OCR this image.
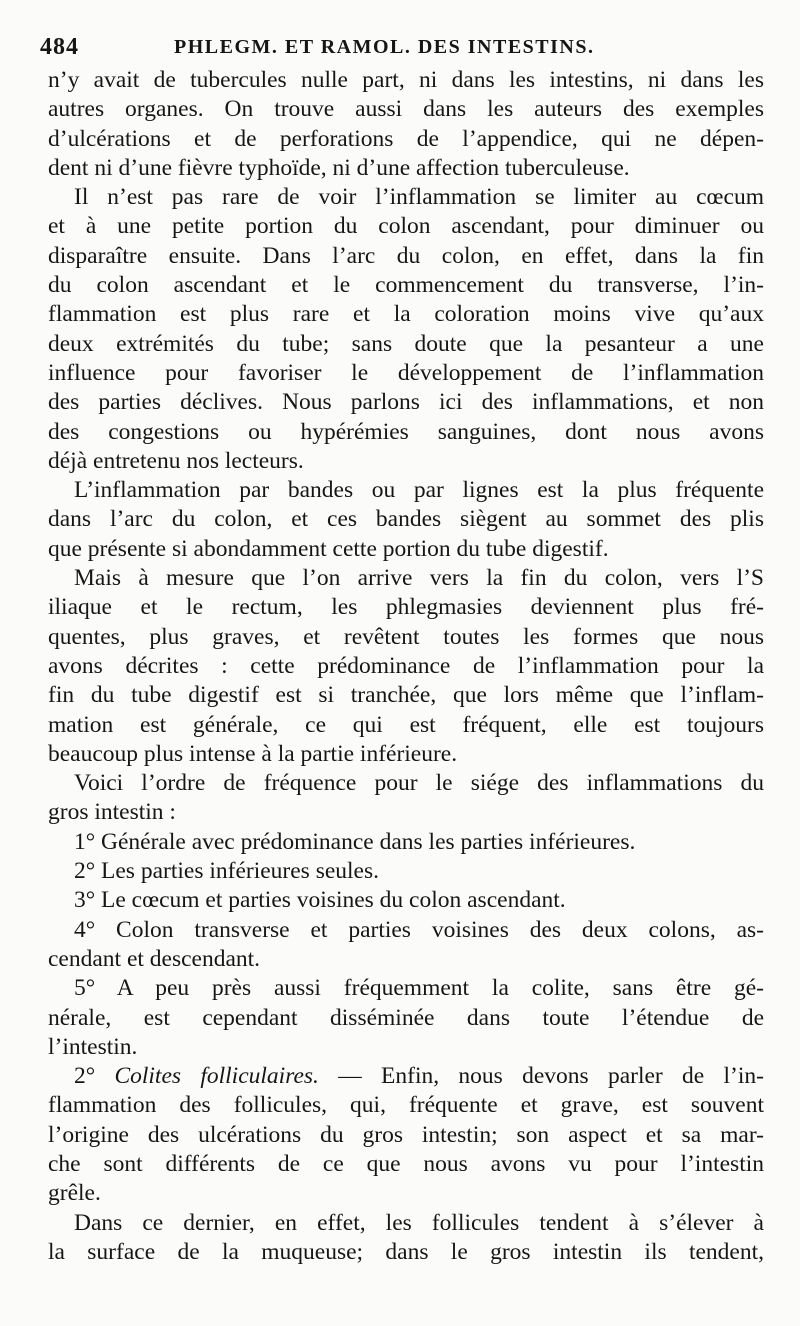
484	PHLEGM. ET RAMOL. DES INTESTINS.
n’y avait de tubercules nulle part, ni dans les intestins, ni dans les
autres organes. On trouve aussi dans les auteurs des exemples
d’ulcérations et de perforations de l’appendice, qui ne dépen-
dent ni d’une fièvre typhoïde, ni d’une affection tuberculeuse.
Il n’est pas rare de voir l’inflammation se limiter au cœcum
et à une petite portion du colon ascendant, pour diminuer ou
disparaître ensuite. Dans l’arc du colon, en effet, dans la fin
du colon ascendant et le commencement du transverse, l’in-
flammation est plus rare et la coloration moins vive qu’aux
deux extrémités du tube; sans doute que la pesanteur a une
influence pour favoriser le développement de l’inflammation
des parties déclives. Nous parlons ici des inflammations, et non
des congestions ou hypérémies sanguines, dont nous avons
déjà entretenu nos lecteurs.
L’inflammation par bandes ou par lignes est la plus fréquente
dans l’arc du colon, et ces bandes siègent au sommet des plis
que présente si abondamment cette portion du tube digestif.
Mais à mesure que l’on arrive vers la fin du colon, vers l’S
iliaque et le rectum, les phlegmasies deviennent plus fré-
quentes, plus graves, et revêtent toutes les formes que nous
avons décrites : cette prédominance de l’inflammation pour la
fin du tube digestif est si tranchée, que lors même que l’inflam-
mation est générale, ce qui est fréquent, elle est toujours
beaucoup plus intense à la partie inférieure.
Voici l’ordre de fréquence pour le siége des inflammations du
gros intestin :
1° Générale avec prédominance dans les parties inférieures.
2° Les parties inférieures seules.
3° Le cœcum et parties voisines du colon ascendant.
4° Colon transverse et parties voisines des deux colons, as-
cendant et descendant.
5° A peu près aussi fréquemment la colite, sans être gé-
nérale, est cependant disséminée dans toute l’étendue de
l’intestin.
2° Colites folliculaires. — Enfin, nous devons parler de l’in-
flammation des follicules, qui, fréquente et grave, est souvent
l’origine des ulcérations du gros intestin; son aspect et sa mar-
che sont différents de ce que nous avons vu pour l’intestin
grêle.
Dans ce dernier, en effet, les follicules tendent à s’élever à
la surface de la muqueuse; dans le gros intestin ils tendent,
